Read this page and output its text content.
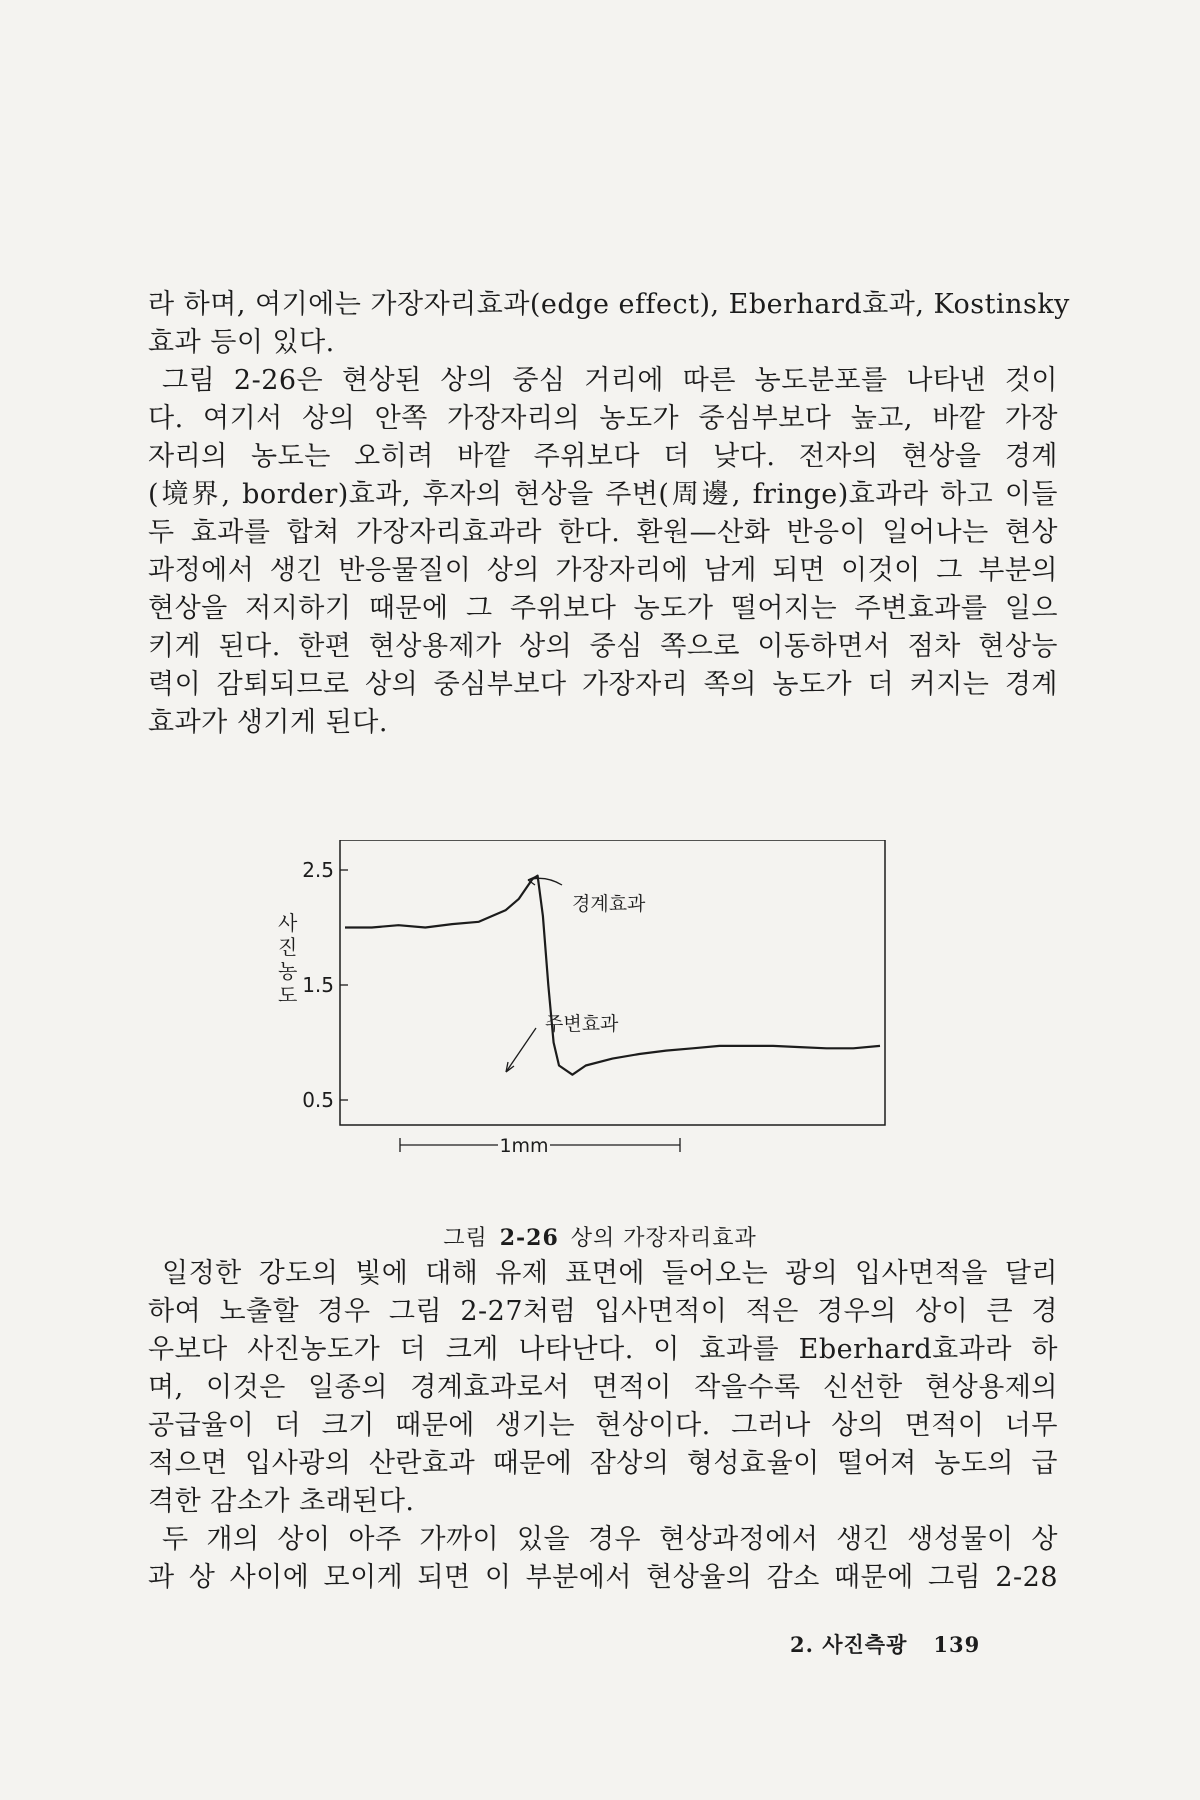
라 하며, 여기에는 가장자리효과(edge effect), Eberhard효과, Kostinsky
효과 등이 있다.
그림 2-26은 현상된 상의 중심 거리에 따른 농도분포를 나타낸 것이
다. 여기서 상의 안쪽 가장자리의 농도가 중심부보다 높고, 바깥 가장
자리의 농도는 오히려 바깥 주위보다 더 낮다. 전자의 현상을 경계
(境界, border)효과, 후자의 현상을 주변(周邊, fringe)효과라 하고 이들
두 효과를 합쳐 가장자리효과라 한다. 환원—산화 반응이 일어나는 현상
과정에서 생긴 반응물질이 상의 가장자리에 남게 되면 이것이 그 부분의
현상을 저지하기 때문에 그 주위보다 농도가 떨어지는 주변효과를 일으
키게 된다. 한편 현상용제가 상의 중심 쪽으로 이동하면서 점차 현상능
력이 감퇴되므로 상의 중심부보다 가장자리 쪽의 농도가 더 커지는 경계
효과가 생기게 된다.
2.5
1.5
0.5
사
진
농
도
경계효과
주변효과
1mm
그림 2-26 상의 가장자리효과
일정한 강도의 빛에 대해 유제 표면에 들어오는 광의 입사면적을 달리
하여 노출할 경우 그림 2-27처럼 입사면적이 적은 경우의 상이 큰 경
우보다 사진농도가 더 크게 나타난다. 이 효과를 Eberhard효과라 하
며, 이것은 일종의 경계효과로서 면적이 작을수록 신선한 현상용제의
공급율이 더 크기 때문에 생기는 현상이다. 그러나 상의 면적이 너무
적으면 입사광의 산란효과 때문에 잠상의 형성효율이 떨어져 농도의 급
격한 감소가 초래된다.
두 개의 상이 아주 가까이 있을 경우 현상과정에서 생긴 생성물이 상
과 상 사이에 모이게 되면 이 부분에서 현상율의 감소 때문에 그림 2-28
2. 사진측광 139
